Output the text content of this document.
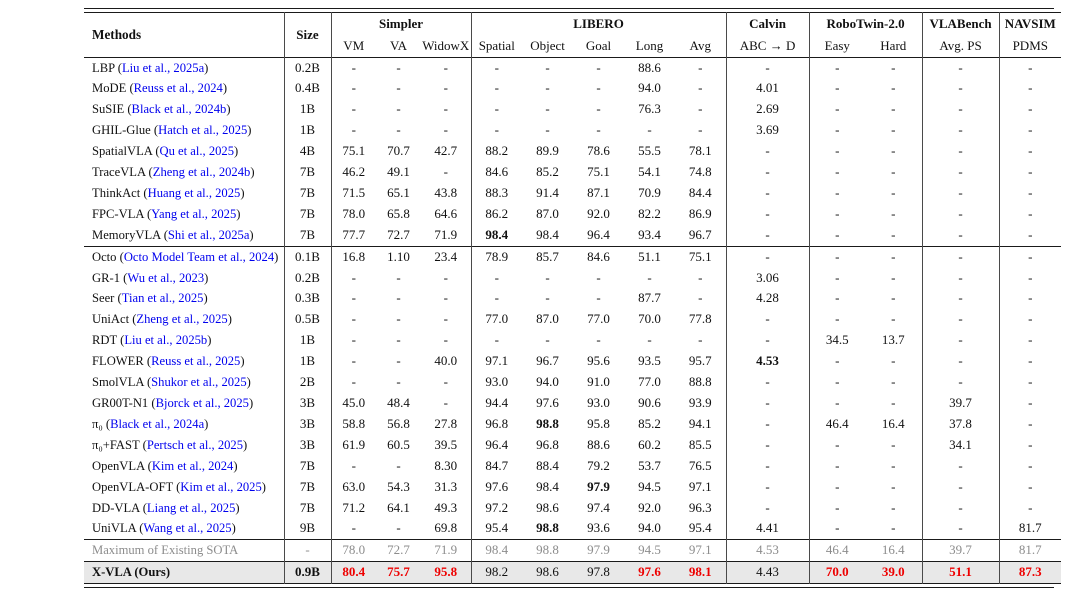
Methods	Size	Simpler			LIBERO					Calvin	RoboTwin-2.0		VLABench	NAVSIM
		VM	VA	WidowX	Spatial	Object	Goal	Long	Avg	ABC → D	Easy	Hard	Avg. PS	PDMS
LBP (Liu et al., 2025a)	0.2B	-	-	-	-	-	-	88.6	-	-	-	-	-	-
MoDE (Reuss et al., 2024)	0.4B	-	-	-	-	-	-	94.0	-	4.01	-	-	-	-
SuSIE (Black et al., 2024b)	1B	-	-	-	-	-	-	76.3	-	2.69	-	-	-	-
GHIL-Glue (Hatch et al., 2025)	1B	-	-	-	-	-	-	-	-	3.69	-	-	-	-
SpatialVLA (Qu et al., 2025)	4B	75.1	70.7	42.7	88.2	89.9	78.6	55.5	78.1	-	-	-	-	-
TraceVLA (Zheng et al., 2024b)	7B	46.2	49.1	-	84.6	85.2	75.1	54.1	74.8	-	-	-	-	-
ThinkAct (Huang et al., 2025)	7B	71.5	65.1	43.8	88.3	91.4	87.1	70.9	84.4	-	-	-	-	-
FPC-VLA (Yang et al., 2025)	7B	78.0	65.8	64.6	86.2	87.0	92.0	82.2	86.9	-	-	-	-	-
MemoryVLA (Shi et al., 2025a)	7B	77.7	72.7	71.9	98.4	98.4	96.4	93.4	96.7	-	-	-	-	-
Octo (Octo Model Team et al., 2024)	0.1B	16.8	1.10	23.4	78.9	85.7	84.6	51.1	75.1	-	-	-	-	-
GR-1 (Wu et al., 2023)	0.2B	-	-	-	-	-	-	-	-	3.06	-	-	-	-
Seer (Tian et al., 2025)	0.3B	-	-	-	-	-	-	87.7	-	4.28	-	-	-	-
UniAct (Zheng et al., 2025)	0.5B	-	-	-	77.0	87.0	77.0	70.0	77.8	-	-	-	-	-
RDT (Liu et al., 2025b)	1B	-	-	-	-	-	-	-	-	-	34.5	13.7	-	-
FLOWER (Reuss et al., 2025)	1B	-	-	40.0	97.1	96.7	95.6	93.5	95.7	4.53	-	-	-	-
SmolVLA (Shukor et al., 2025)	2B	-	-	-	93.0	94.0	91.0	77.0	88.8	-	-	-	-	-
GR00T-N1 (Bjorck et al., 2025)	3B	45.0	48.4	-	94.4	97.6	93.0	90.6	93.9	-	-	-	39.7	-
π₀ (Black et al., 2024a)	3B	58.8	56.8	27.8	96.8	98.8	95.8	85.2	94.1	-	46.4	16.4	37.8	-
π₀+FAST (Pertsch et al., 2025)	3B	61.9	60.5	39.5	96.4	96.8	88.6	60.2	85.5	-	-	-	34.1	-
OpenVLA (Kim et al., 2024)	7B	-	-	8.30	84.7	88.4	79.2	53.7	76.5	-	-	-	-	-
OpenVLA-OFT (Kim et al., 2025)	7B	63.0	54.3	31.3	97.6	98.4	97.9	94.5	97.1	-	-	-	-	-
DD-VLA (Liang et al., 2025)	7B	71.2	64.1	49.3	97.2	98.6	97.4	92.0	96.3	-	-	-	-	-
UniVLA (Wang et al., 2025)	9B	-	-	69.8	95.4	98.8	93.6	94.0	95.4	4.41	-	-	-	81.7
Maximum of Existing SOTA	-	78.0	72.7	71.9	98.4	98.8	97.9	94.5	97.1	4.53	46.4	16.4	39.7	81.7
X-VLA (Ours)	0.9B	80.4	75.7	95.8	98.2	98.6	97.8	97.6	98.1	4.43	70.0	39.0	51.1	87.3
